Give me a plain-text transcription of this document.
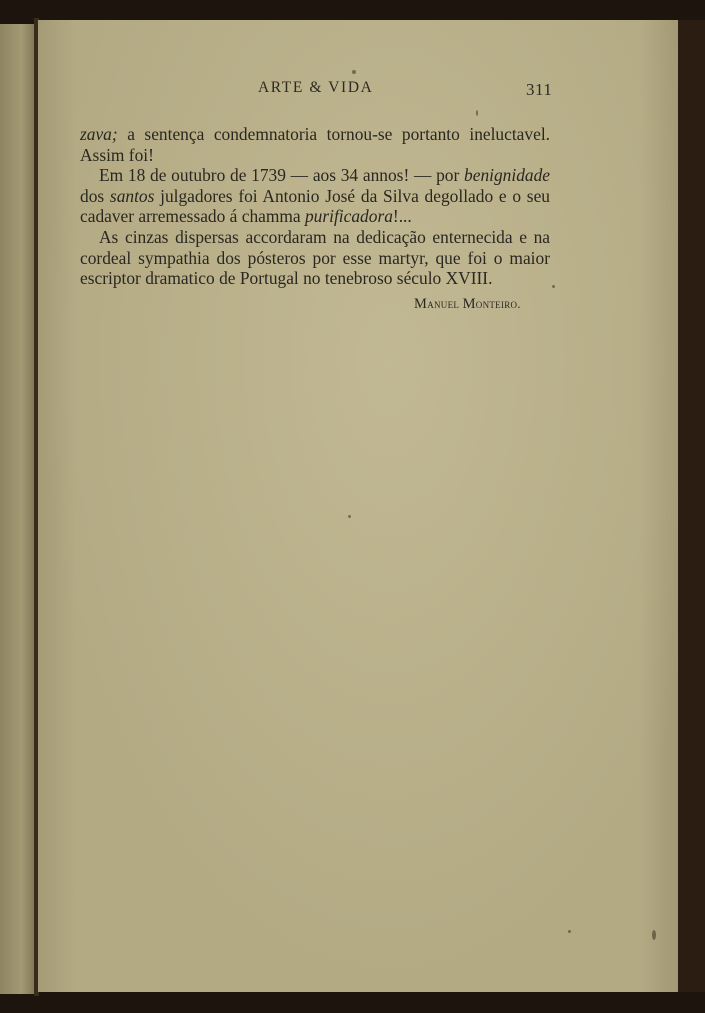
ARTE & VIDA	311

zava; a sentença condemnatoria tornou-se portanto ineluctavel. Assim foi!

Em 18 de outubro de 1739 — aos 34 annos! — por benignidade dos santos julgadores foi Antonio José da Silva degollado e o seu cadaver arremessado á chamma purificadora!...

As cinzas dispersas accordaram na dedicação enternecida e na cordeal sympathia dos pósteros por esse martyr, que foi o maior escriptor dramatico de Portugal no tenebroso século XVIII.

Manuel Monteiro.
